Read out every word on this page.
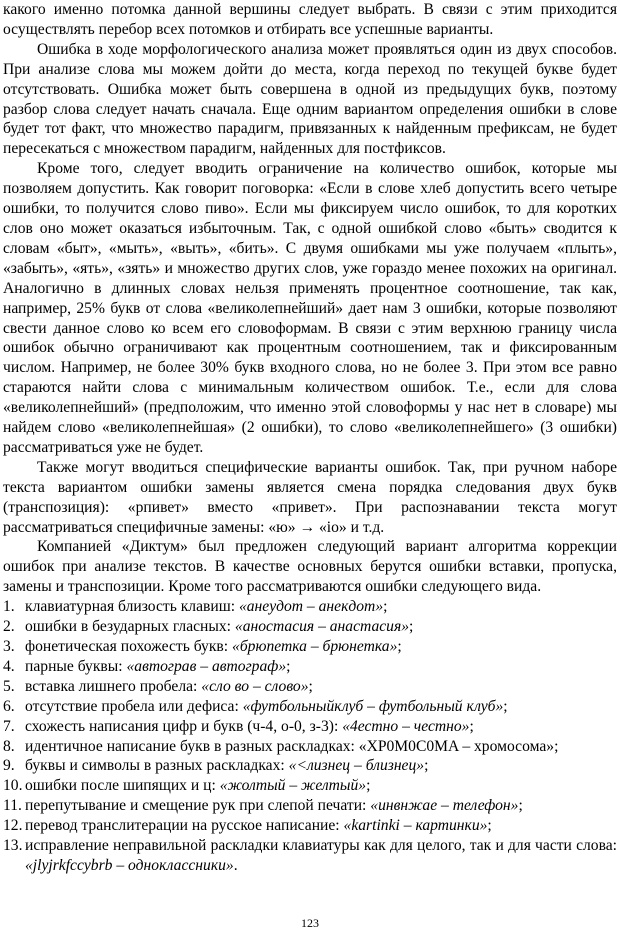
какого именно потомка данной вершины следует выбрать. В связи с этим приходится осуществлять перебор всех потомков и отбирать все успешные варианты.

Ошибка в ходе морфологического анализа может проявляться один из двух способов. При анализе слова мы можем дойти до места, когда переход по текущей букве будет отсутствовать. Ошибка может быть совершена в одной из предыдущих букв, поэтому разбор слова следует начать сначала. Еще одним вариантом определения ошибки в слове будет тот факт, что множество парадигм, привязанных к найденным префиксам, не будет пересекаться с множеством парадигм, найденных для постфиксов.

Кроме того, следует вводить ограничение на количество ошибок, которые мы позволяем допустить. Как говорит поговорка: «Если в слове хлеб допустить всего четыре ошибки, то получится слово пиво». Если мы фиксируем число ошибок, то для коротких слов оно может оказаться избыточным. Так, с одной ошибкой слово «быть» сводится к словам «быт», «мыть», «выть», «бить». С двумя ошибками мы уже получаем «плыть», «забыть», «ять», «зять» и множество других слов, уже гораздо менее похожих на оригинал. Аналогично в длинных словах нельзя применять процентное соотношение, так как, например, 25% букв от слова «великолепнейший» дает нам 3 ошибки, которые позволяют свести данное слово ко всем его словоформам. В связи с этим верхнюю границу числа ошибок обычно ограничивают как процентным соотношением, так и фиксированным числом. Например, не более 30% букв входного слова, но не более 3. При этом все равно стараются найти слова с минимальным количеством ошибок. Т.е., если для слова «великолепнейший» (предположим, что именно этой словоформы у нас нет в словаре) мы найдем слово «великолепнейшая» (2 ошибки), то слово «великолепнейшего» (3 ошибки) рассматриваться уже не будет.

Также могут вводиться специфические варианты ошибок. Так, при ручном наборе текста вариантом ошибки замены является смена порядка следования двух букв (транспозиция): «рпивет» вместо «привет». При распознавании текста могут рассматриваться специфичные замены: «ю» → «io» и т.д.

Компанией «Диктум» был предложен следующий вариант алгоритма коррекции ошибок при анализе текстов. В качестве основных берутся ошибки вставки, пропуска, замены и транспозиции. Кроме того рассматриваются ошибки следующего вида.

1. клавиатурная близость клавиш: «анеудот – анекдот»;
2. ошибки в безударных гласных: «аностасия – анастасия»;
3. фонетическая похожесть букв: «брюnетка – брюнетка»;
4. парные буквы: «автограв – автограф»;
5. вставка лишнего пробела: «сло во – слово»;
6. отсутствие пробела или дефиса: «футбольныйклуб – футбольный клуб»;
7. схожесть написания цифр и букв (ч-4, о-0, з-3): «4естно – честно»;
8. идентичное написание букв в разных раскладках: «XP0M0C0MA – хромосома»;
9. буквы и символы в разных раскладках: «<лизнец – близнец»;
10. ошибки после шипящих и ц: «жолтый – желтый»;
11. перепутывание и смещение рук при слепой печати: «инвнжае – телефон»;
12. перевод транслитерации на русское написание: «kartinki – картинки»;
13. исправление неправильной раскладки клавиатуры как для целого, так и для части слова: «jlyjrkfccybrb – одноклассники».
123
